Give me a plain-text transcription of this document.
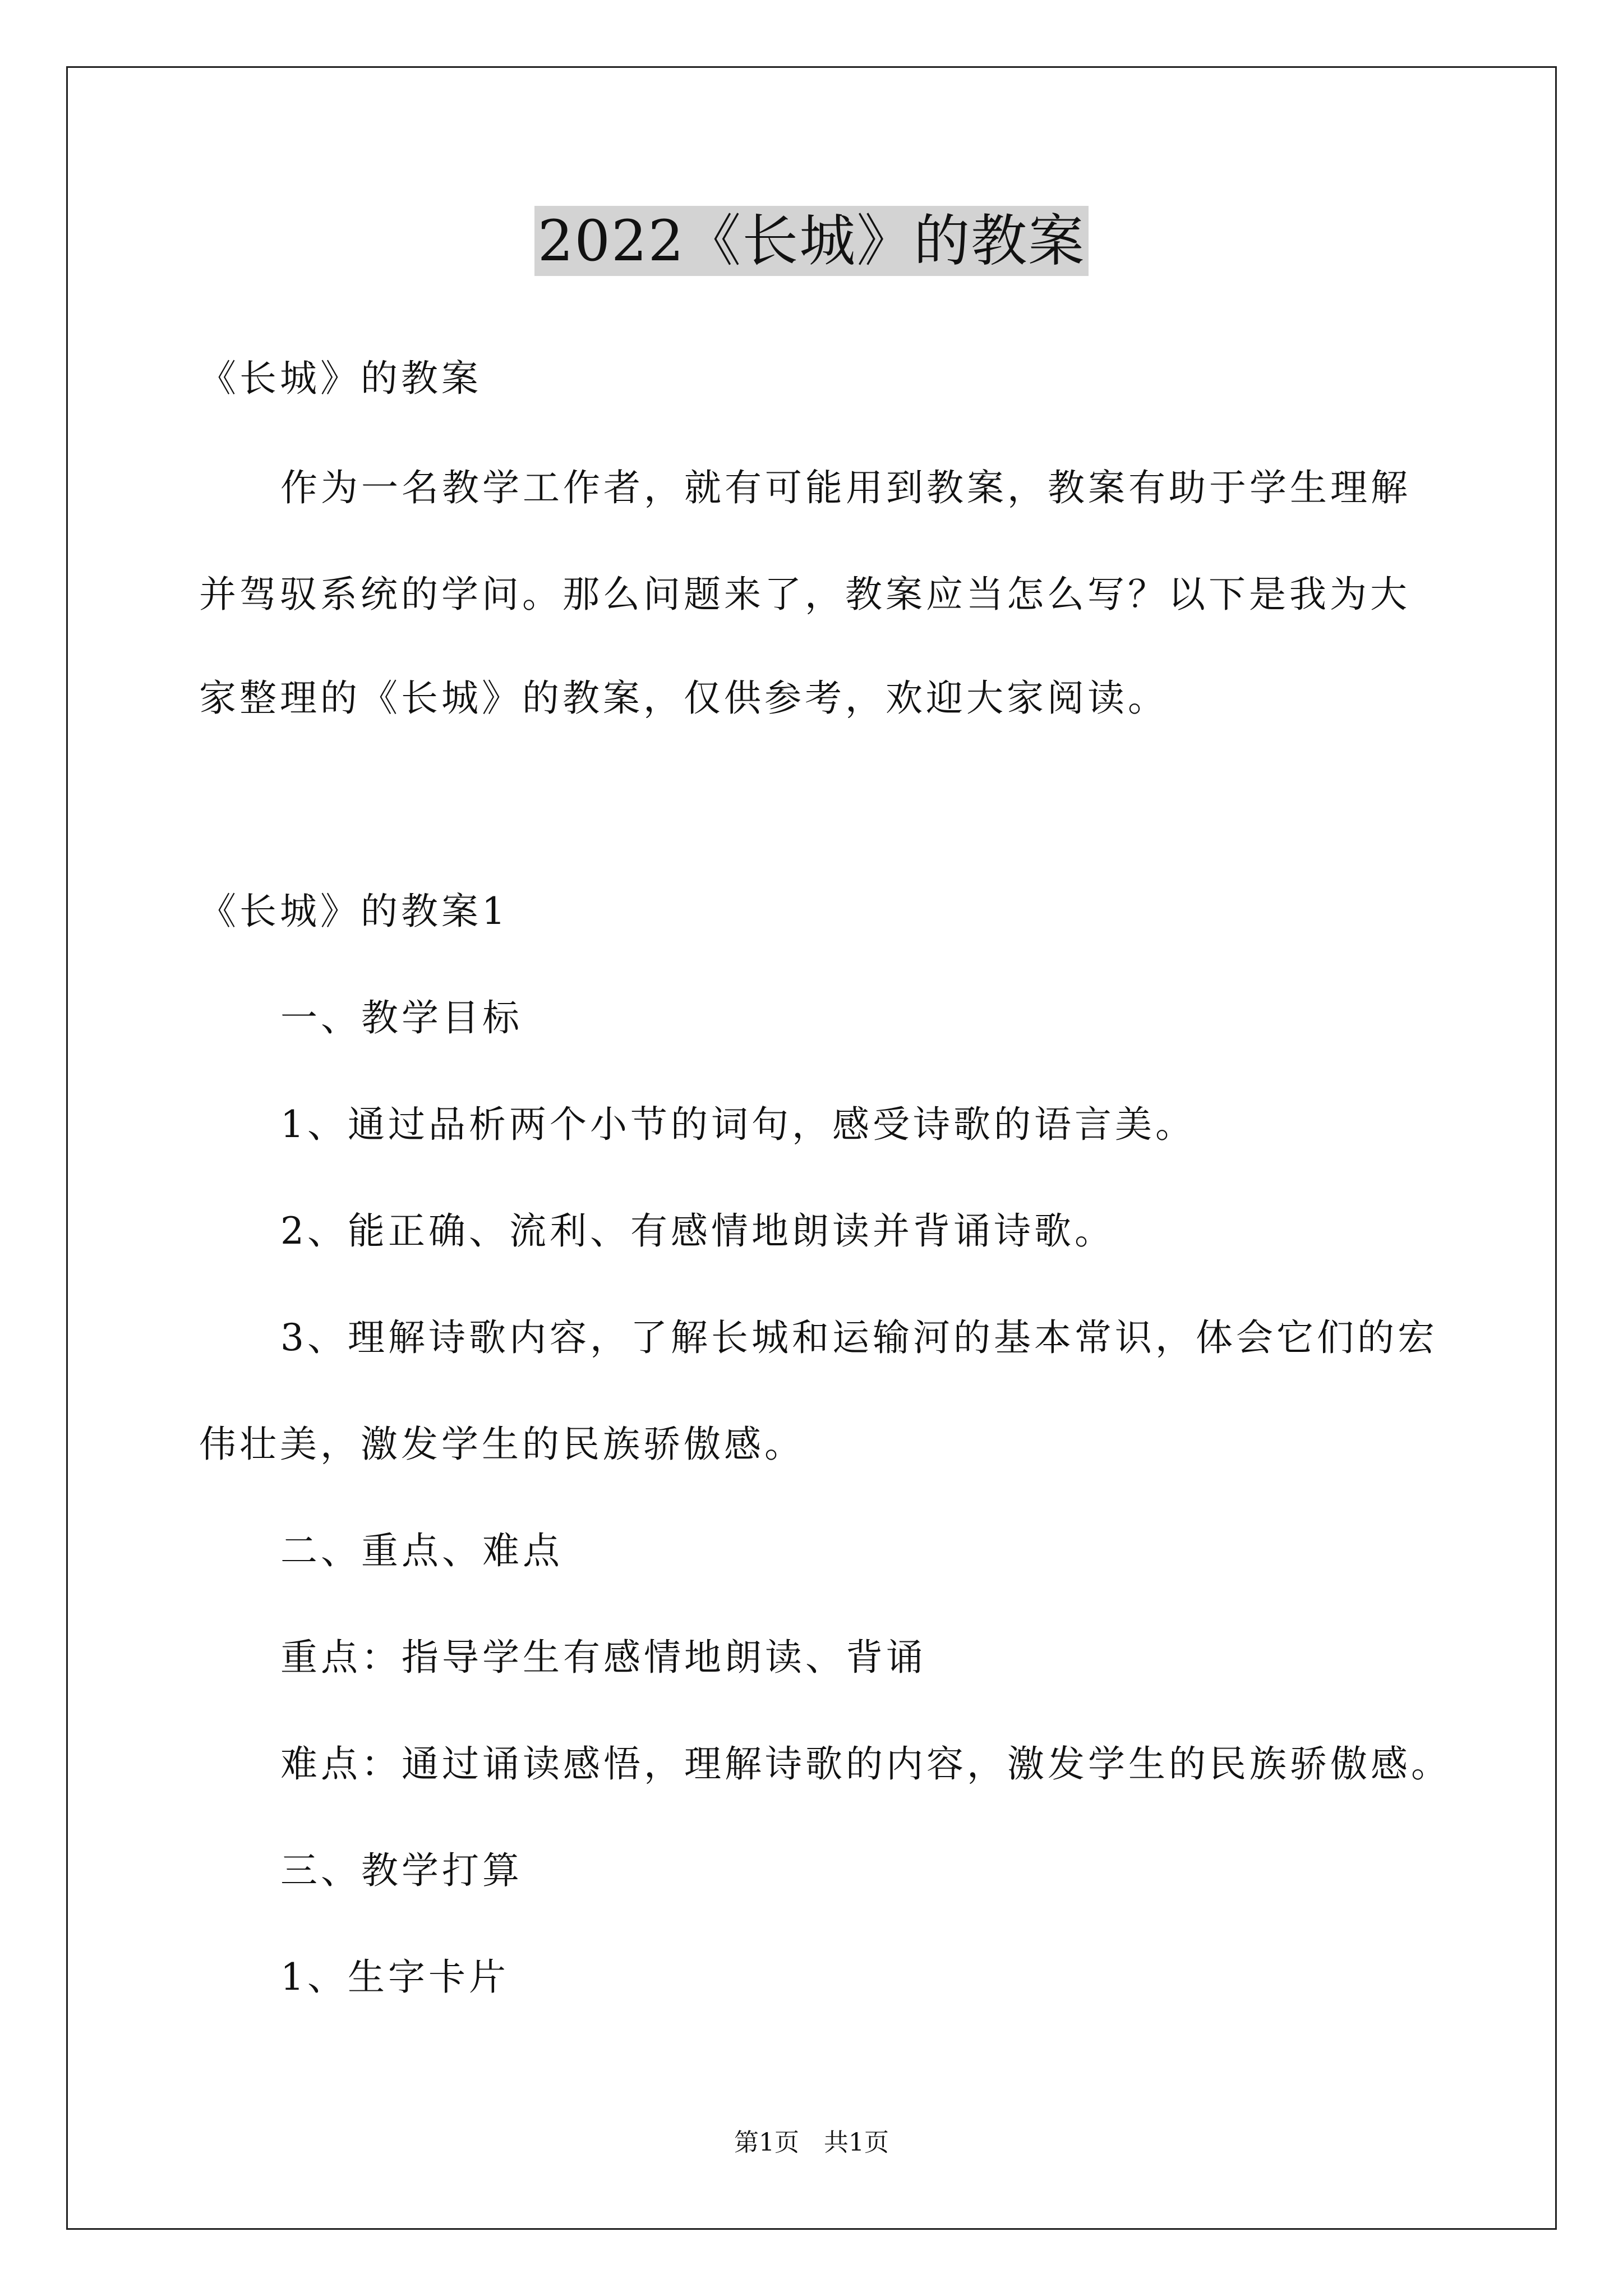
2022《长城》的教案
《长城》的教案
作为一名教学工作者，就有可能用到教案，教案有助于学生理解
并驾驭系统的学问。那么问题来了，教案应当怎么写？以下是我为大
家整理的《长城》的教案，仅供参考，欢迎大家阅读。
《长城》的教案1
一、教学目标
1、通过品析两个小节的词句，感受诗歌的语言美。
2、能正确、流利、有感情地朗读并背诵诗歌。
3、理解诗歌内容，了解长城和运输河的基本常识，体会它们的宏
伟壮美，激发学生的民族骄傲感。
二、重点、难点
重点：指导学生有感情地朗读、背诵
难点：通过诵读感悟，理解诗歌的内容，激发学生的民族骄傲感。
三、教学打算
1、生字卡片
第1页　共1页
